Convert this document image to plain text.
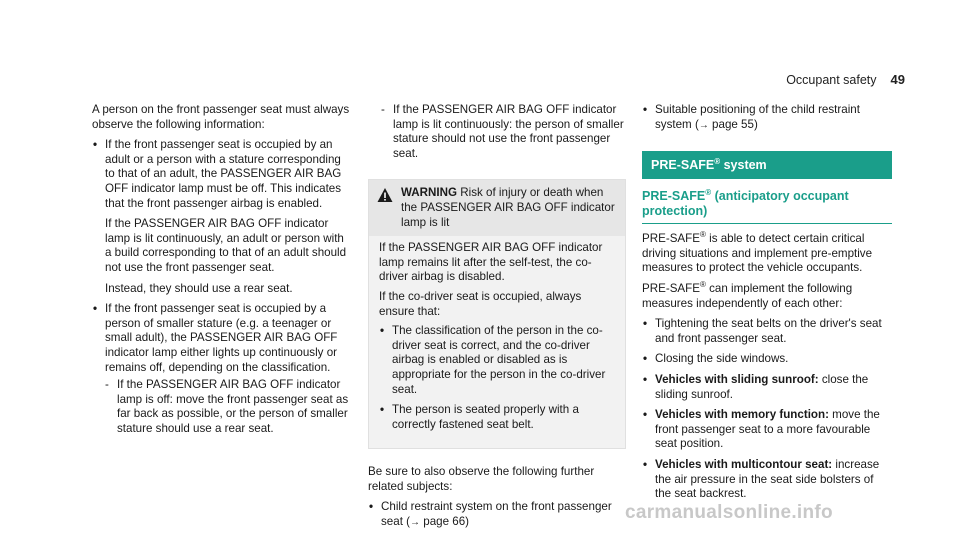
Occupant safety 49

A person on the front passenger seat must always observe the following information:

• If the front passenger seat is occupied by an adult or a person with a stature corresponding to that of an adult, the PASSENGER AIR BAG OFF indicator lamp must be off. This indicates that the front passenger airbag is enabled.

If the PASSENGER AIR BAG OFF indicator lamp is lit continuously, an adult or person with a build corresponding to that of an adult should not use the front passenger seat.

Instead, they should use a rear seat.

• If the front passenger seat is occupied by a person of smaller stature (e.g. a teenager or small adult), the PASSENGER AIR BAG OFF indicator lamp either lights up continuously or remains off, depending on the classification.
- If the PASSENGER AIR BAG OFF indicator lamp is off: move the front passenger seat as far back as possible, or the person of smaller stature should use a rear seat.
- If the PASSENGER AIR BAG OFF indicator lamp is lit continuously: the person of smaller stature should not use the front passenger seat.
WARNING Risk of injury or death when the PASSENGER AIR BAG OFF indicator lamp is lit

If the PASSENGER AIR BAG OFF indicator lamp remains lit after the self-test, the co-driver airbag is disabled.

If the co-driver seat is occupied, always ensure that:

• The classification of the person in the co-driver seat is correct, and the co-driver airbag is enabled or disabled as is appropriate for the person in the co-driver seat.
• The person is seated properly with a correctly fastened seat belt.

Be sure to also observe the following further related subjects:

• Child restraint system on the front passenger seat (→ page 66)
• Suitable positioning of the child restraint system (→ page 55)
PRE-SAFE® system
PRE-SAFE® (anticipatory occupant protection)

PRE-SAFE® is able to detect certain critical driving situations and implement pre-emptive measures to protect the vehicle occupants.

PRE-SAFE® can implement the following measures independently of each other:

• Tightening the seat belts on the driver's seat and front passenger seat.
• Closing the side windows.
• Vehicles with sliding sunroof: close the sliding sunroof.
• Vehicles with memory function: move the front passenger seat to a more favourable seat position.
• Vehicles with multicontour seat: increase the air pressure in the seat side bolsters of the seat backrest.
carmanualsonline.info
